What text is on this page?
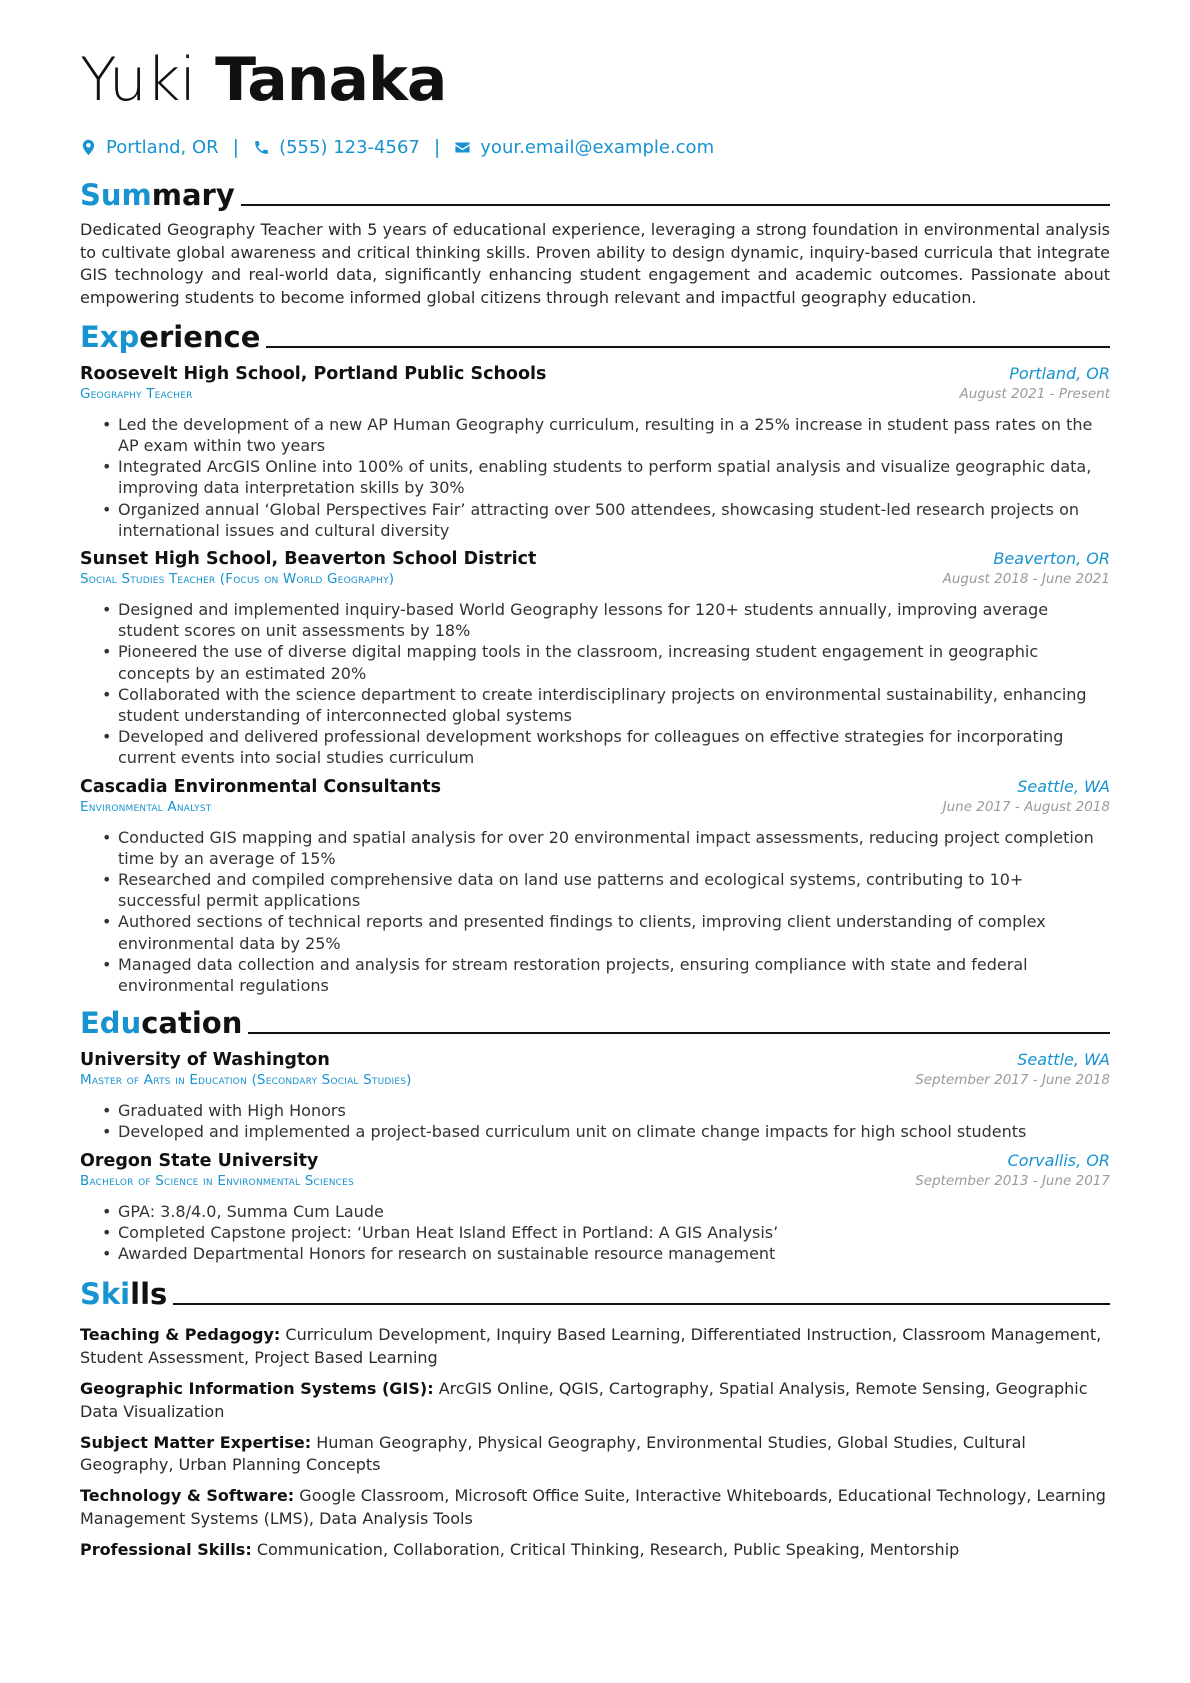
Yuki Tanaka
Portland, OR | (555) 123-4567 | your.email@example.com
Sum mary

Dedicated Geography Teacher with 5 years of educational experience, leveraging a strong foundation in environmental analysis to cultivate global awareness and critical thinking skills. Proven ability to design dynamic, inquiry-based curricula that integrate GIS technology and real-world data, significantly enhancing student engagement and academic outcomes. Passionate about empowering students to become informed global citizens through relevant and impactful geography education.

Exp erience
Roosevelt High School, Portland Public Schools	Portland, OR
Geography Teacher	August 2021 - Present
• Led the development of a new AP Human Geography curriculum, resulting in a 25% increase in student pass rates on the AP exam within two years
• Integrated ArcGIS Online into 100% of units, enabling students to perform spatial analysis and visualize geographic data, improving data interpretation skills by 30%
• Organized annual ‘Global Perspectives Fair’ attracting over 500 attendees, showcasing student-led research projects on international issues and cultural diversity
Sunset High School, Beaverton School District	Beaverton, OR
Social Studies Teacher (Focus on World Geography)	August 2018 - June 2021
• Designed and implemented inquiry-based World Geography lessons for 120+ students annually, improving average student scores on unit assessments by 18%
• Pioneered the use of diverse digital mapping tools in the classroom, increasing student engagement in geographic concepts by an estimated 20%
• Collaborated with the science department to create interdisciplinary projects on environmental sustainability, enhancing student understanding of interconnected global systems
• Developed and delivered professional development workshops for colleagues on effective strategies for incorporating current events into social studies curriculum
Cascadia Environmental Consultants	Seattle, WA
Environmental Analyst	June 2017 - August 2018
• Conducted GIS mapping and spatial analysis for over 20 environmental impact assessments, reducing project completion time by an average of 15%
• Researched and compiled comprehensive data on land use patterns and ecological systems, contributing to 10+ successful permit applications
• Authored sections of technical reports and presented findings to clients, improving client understanding of complex environmental data by 25%
• Managed data collection and analysis for stream restoration projects, ensuring compliance with state and federal environmental regulations
Edu cation
University of Washington	Seattle, WA
Master of Arts in Education (Secondary Social Studies)	September 2017 - June 2018
• Graduated with High Honors
• Developed and implemented a project-based curriculum unit on climate change impacts for high school students
Oregon State University	Corvallis, OR
Bachelor of Science in Environmental Sciences	September 2013 - June 2017
• GPA: 3.8/4.0, Summa Cum Laude
• Completed Capstone project: ‘Urban Heat Island Effect in Portland: A GIS Analysis’
• Awarded Departmental Honors for research on sustainable resource management
Ski lls
Teaching & Pedagogy: Curriculum Development, Inquiry Based Learning, Differentiated Instruction, Classroom Management, Student Assessment, Project Based Learning
Geographic Information Systems (GIS): ArcGIS Online, QGIS, Cartography, Spatial Analysis, Remote Sensing, Geographic Data Visualization
Subject Matter Expertise: Human Geography, Physical Geography, Environmental Studies, Global Studies, Cultural Geography, Urban Planning Concepts
Technology & Software: Google Classroom, Microsoft Office Suite, Interactive Whiteboards, Educational Technology, Learning Management Systems (LMS), Data Analysis Tools
Professional Skills: Communication, Collaboration, Critical Thinking, Research, Public Speaking, Mentorship
